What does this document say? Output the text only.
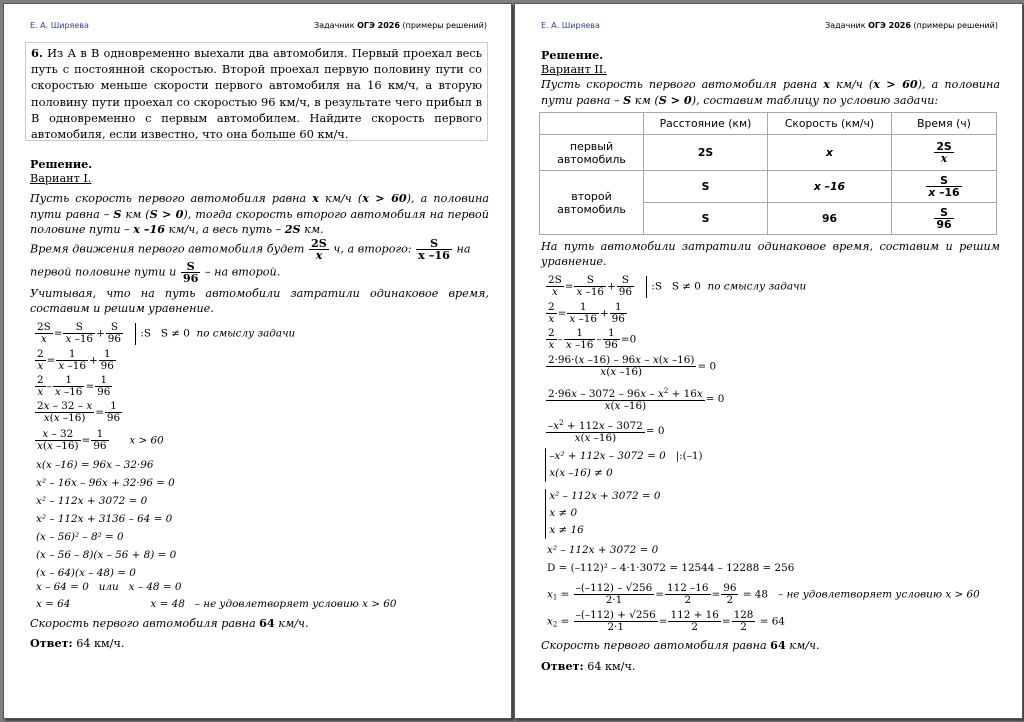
Е. А. Ширяева	Задачник ОГЭ 2026 (примеры решений)
6. Из А в В одновременно выехали два автомобиля. Первый проехал весь путь с постоянной скоростью. Второй проехал первую половину пути со скоростью меньше скорости первого автомобиля на 16 км/ч, а вторую половину пути проехал со скоростью 96 км/ч, в результате чего прибыл в В одновременно с первым автомобилем. Найдите скорость первого автомобиля, если известно, что она больше 60 км/ч.
Решение.
Вариант I.
Пусть скорость первого автомобиля равна x км/ч (x > 60), а половина пути равна – S км (S > 0), тогда скорость второго автомобиля на первой половине пути – x –16 км/ч, а весь путь – 2S км.
Время движения первого автомобиля будет $\frac{2S}{x} ч$, а второго: $\frac{S}{x -16}$ на первой половине пути и $\frac{S}{96}$ – на второй.
Учитывая, что на путь автомобили затратили одинаковое время, составим и решим уравнение.
$\frac{2S}{x} = \frac{S}{x -16} + \frac{S}{96}$ :S S ≠ 0 по смыслу задачи
$\frac{2}{x} = \frac{1}{x -16} + \frac{1}{96}$
$\frac{2}{x} - \frac{1}{x -16} = \frac{1}{96}$
$\frac{2x - 32 - x}{x(x -16)} = \frac{1}{96}$
$\frac{x - 32}{x(x -16)} = \frac{1}{96}$ x > 60
x(x –16) = 96x – 32·96
x² – 16x – 96x + 32·96 = 0
x² – 112x + 3072 = 0
x² – 112x + 3136 – 64 = 0
(x – 56)² – 8² = 0
(x – 56 – 8)(x – 56 + 8) = 0
(x – 64)(x – 48) = 0
x – 64 = 0 или x – 48 = 0
x = 64	x = 48 – не удовлетворяет условию x > 60
Скорость первого автомобиля равна 64 км/ч.
Ответ: 64 км/ч.
Е. А. Ширяева	Задачник ОГЭ 2026 (примеры решений)
Решение.
Вариант II.
Пусть скорость первого автомобиля равна x км/ч (x > 60), а половина пути равна – S км (S > 0), составим таблицу по условию задачи:
	Расстояние (км)	Скорость (км/ч)	Время (ч)
первый автомобиль	2S	x	$\frac{2S}{x}$

второй автомобиль	S	x –16	$\frac{S}{x -16}$

	S	96	$\frac{S}{96}$
На путь автомобили затратили одинаковое время, составим и решим уравнение.
$\frac{2S}{x} = \frac{S}{x -16} + \frac{S}{96}$ :S S ≠ 0 по смыслу задачи
$\frac{2}{x} = \frac{1}{x -16} + \frac{1}{96}$
$\frac{2}{x} - \frac{1}{x -16} - \frac{1}{96} =0$
$\frac{2\cdot 96\cdot(x -16) - 96x - x(x -16)}{x(x -16)} = 0$
$\frac{2\cdot 96x - 3072 - 96x - x^2 + 16x}{x(x -16)} = 0$
$\frac{-x^2 + 112x - 3072}{x(x -16)} = 0$

–x² + 112x – 3072 = 0 |:(–1)
x(x –16) ≠ 0

x² – 112x + 3072 = 0
x ≠ 0
x ≠ 16
x² – 112x + 3072 = 0
D = (–112)² – 4·1·3072 = 12544 – 12288 = 256
$x_1 = \frac{-(-112) - √256}{2\cdot 1} = \frac{112 -16}{2} = \frac{96}{2} = 48$ – не удовлетворяет условию x > 60
$x_2 = \frac{-(-112) + √256}{2\cdot 1} = \frac{112 + 16}{2} = \frac{128}{2} = 64$
Скорость первого автомобиля равна 64 км/ч.
Ответ: 64 км/ч.
